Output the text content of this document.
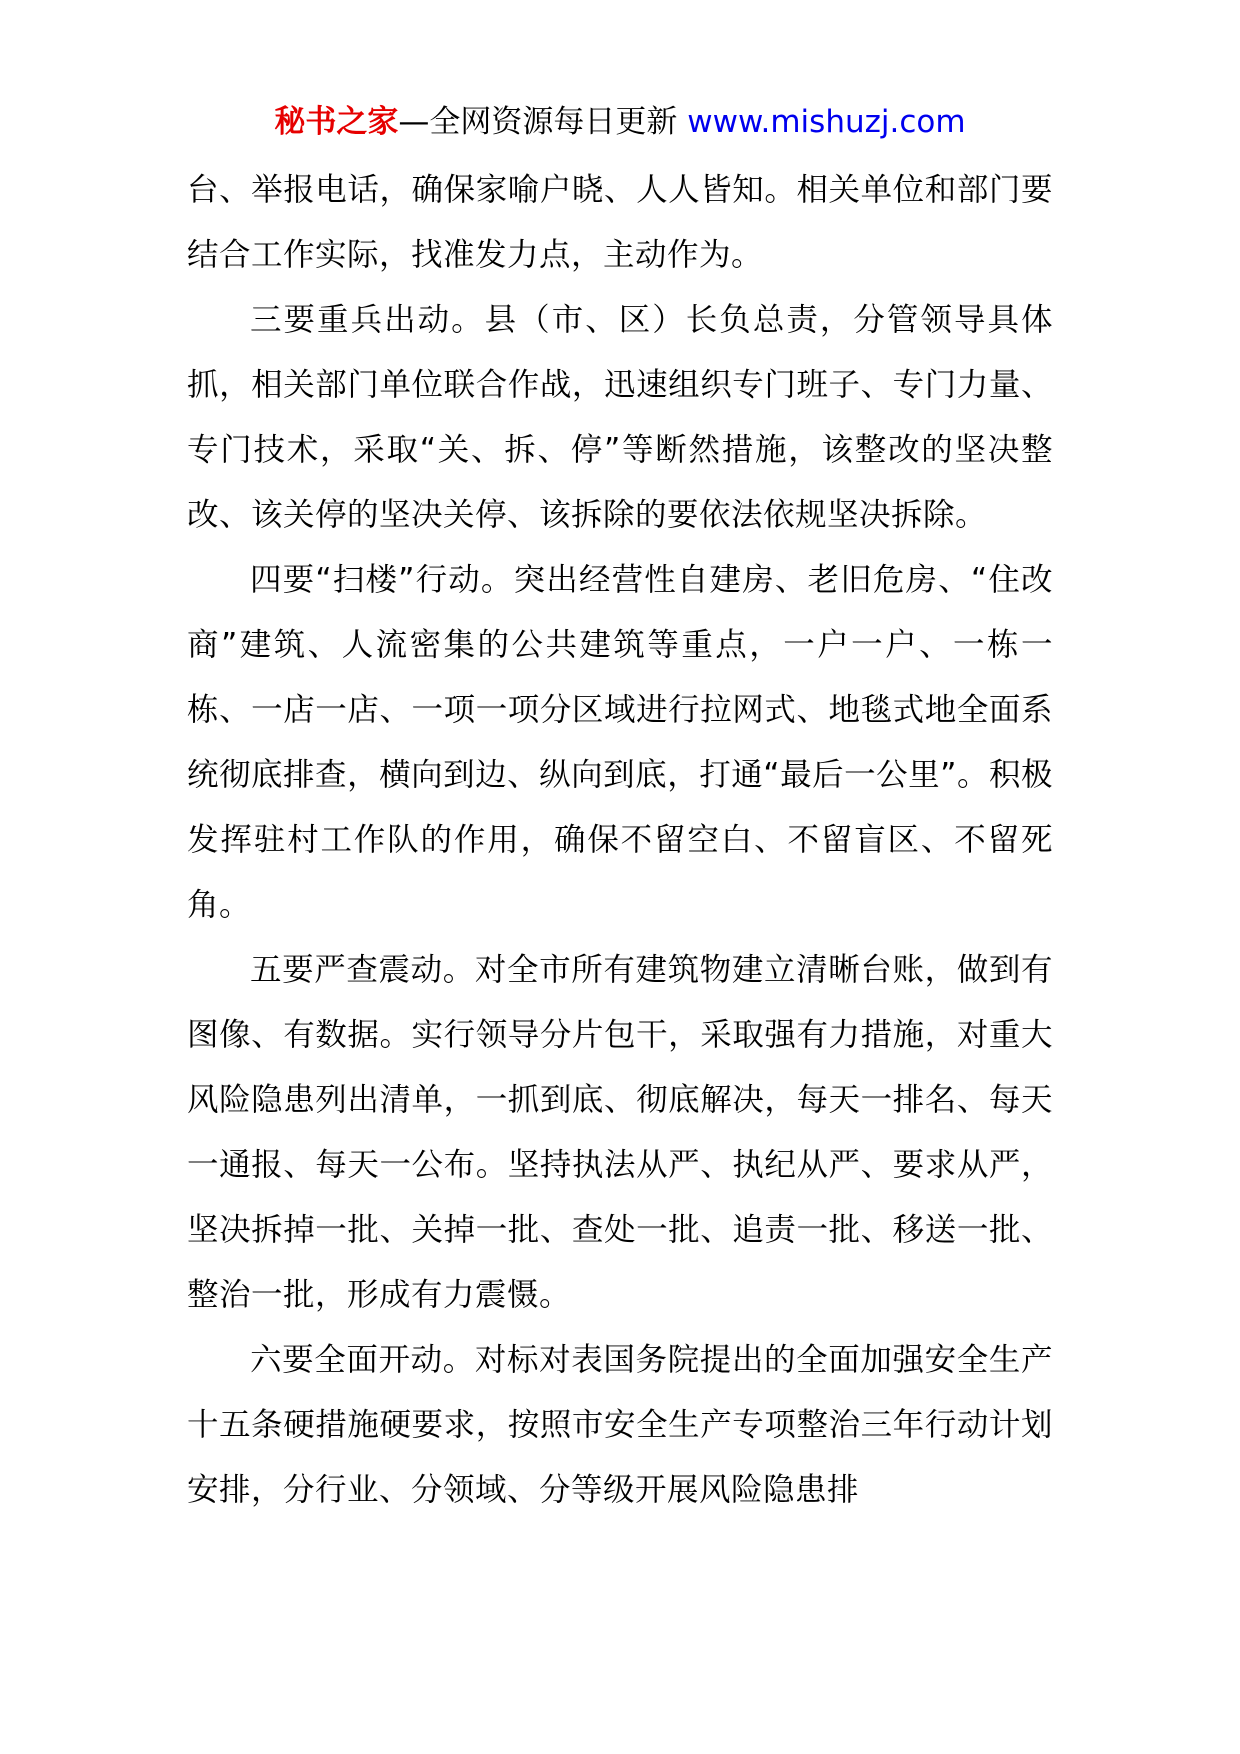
秘书之家—全网资源每日更新 www.mishuzj.com

台、举报电话，确保家喻户晓、人人皆知。相关单位和部门要结合工作实际，找准发力点，主动作为。

三要重兵出动。县（市、区）长负总责，分管领导具体抓，相关部门单位联合作战，迅速组织专门班子、专门力量、专门技术，采取“关、拆、停”等断然措施，该整改的坚决整改、该关停的坚决关停、该拆除的要依法依规坚决拆除。

四要“扫楼”行动。突出经营性自建房、老旧危房、“住改商”建筑、人流密集的公共建筑等重点，一户一户、一栋一栋、一店一店、一项一项分区域进行拉网式、地毯式地全面系统彻底排查，横向到边、纵向到底，打通“最后一公里”。积极发挥驻村工作队的作用，确保不留空白、不留盲区、不留死角。

五要严查震动。对全市所有建筑物建立清晰台账，做到有图像、有数据。实行领导分片包干，采取强有力措施，对重大风险隐患列出清单，一抓到底、彻底解决，每天一排名、每天一通报、每天一公布。坚持执法从严、执纪从严、要求从严，坚决拆掉一批、关掉一批、查处一批、追责一批、移送一批、整治一批，形成有力震慑。

六要全面开动。对标对表国务院提出的全面加强安全生产十五条硬措施硬要求，按照市安全生产专项整治三年行动计划安排，分行业、分领域、分等级开展风险隐患排
